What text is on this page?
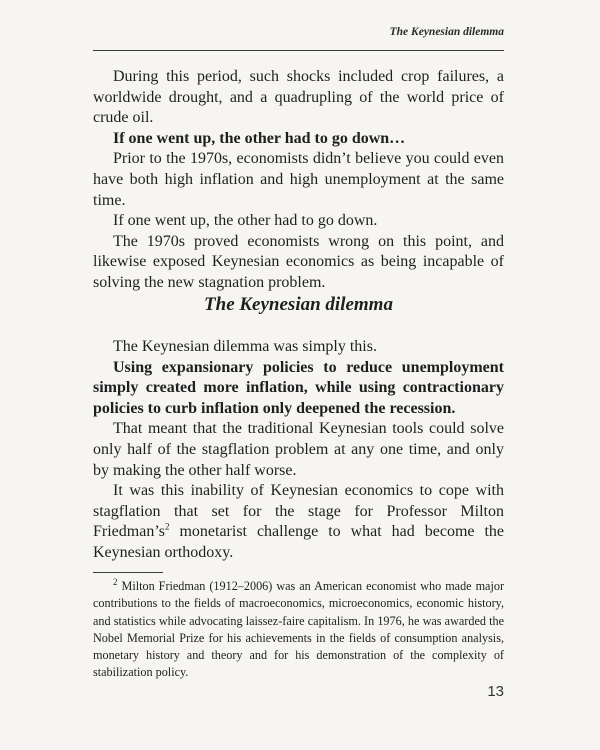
The Keynesian dilemma

During this period, such shocks included crop failures, a worldwide drought, and a quadrupling of the world price of crude oil.

If one went up, the other had to go down…

Prior to the 1970s, economists didn’t believe you could even have both high inflation and high unemployment at the same time.

If one went up, the other had to go down.

The 1970s proved economists wrong on this point, and likewise exposed Keynesian economics as being incapable of solving the new stagnation problem.

The Keynesian dilemma

The Keynesian dilemma was simply this.

Using expansionary policies to reduce unemployment simply created more inflation, while using contractionary policies to curb inflation only deepened the recession.

That meant that the traditional Keynesian tools could solve only half of the stagflation problem at any one time, and only by making the other half worse.

It was this inability of Keynesian economics to cope with stagflation that set for the stage for Professor Milton $Friedman’s^2$ monetarist challenge to what had become the Keynesian orthodoxy.

$^2$ Milton Friedman (1912–2006) was an American economist who made major contributions to the fields of macroeconomics, microeconomics, economic history, and statistics while advocating laissez-faire capitalism. In 1976, he was awarded the Nobel Memorial Prize for his achievements in the fields of consumption analysis, monetary history and theory and for his demonstration of the complexity of stabilization policy.
13
